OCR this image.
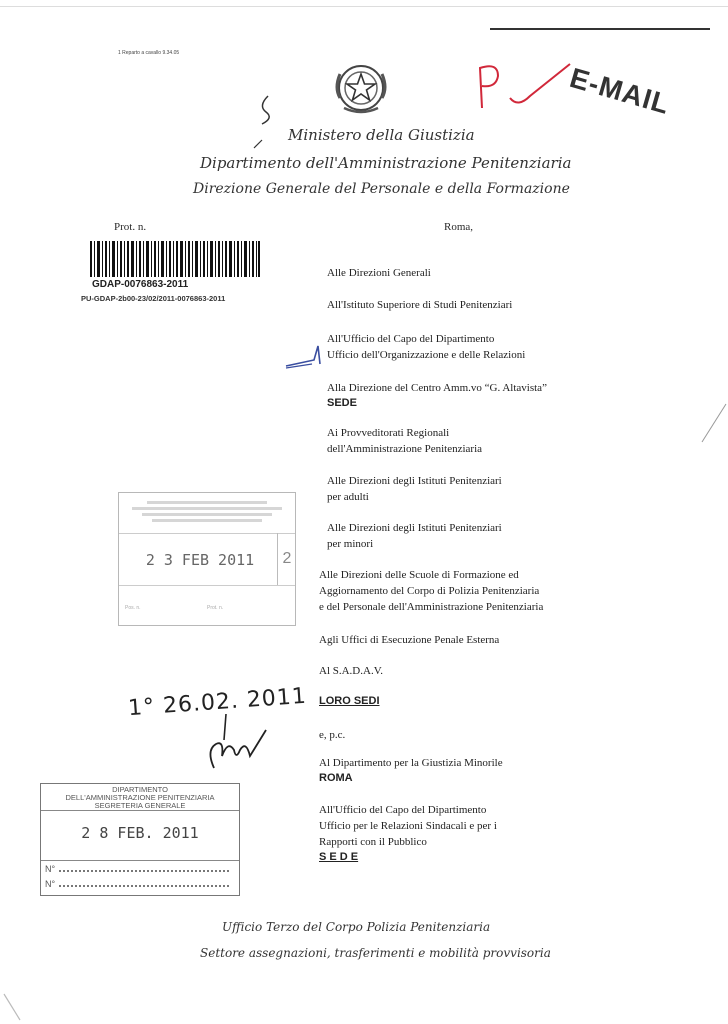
1 Reparto a cavallo 9.34.05
E-MAIL
Ministero della Giustizia
Dipartimento dell'Amministrazione Penitenziaria
Direzione Generale del Personale e della Formazione
Prot. n.	Roma,
GDAP-0076863-2011
PU-GDAP-2b00-23/02/2011-0076863-2011
Alle Direzioni Generali
All'Istituto Superiore di Studi Penitenziari
All'Ufficio del Capo del Dipartimento
Ufficio dell'Organizzazione e delle Relazioni
Alla Direzione del Centro Amm.vo “G. Altavista”
SEDE
Ai Provveditorati Regionali
dell'Amministrazione Penitenziaria
Alle Direzioni degli Istituti Penitenziari
per adulti
Alle Direzioni degli Istituti Penitenziari
per minori
Alle Direzioni delle Scuole di Formazione ed
Aggiornamento del Corpo di Polizia Penitenziaria
e del Personale dell'Amministrazione Penitenziaria
Agli Uffici di Esecuzione Penale Esterna
Al S.A.D.A.V.
LORO SEDI
e, p.c.
Al Dipartimento per la Giustizia Minorile
ROMA
All'Ufficio del Capo del Dipartimento
Ufficio per le Relazioni Sindacali e per i
Rapporti con il Pubblico
S E D E
2 3 FEB 2011	2
Pos. n.	Prot. n.
1° 26.02. 2011
DIPARTIMENTO
DELL'AMMINISTRAZIONE PENITENZIARIA
SEGRETERIA GENERALE
2 8 FEB. 2011
N°
N°
Ufficio Terzo del Corpo Polizia Penitenziaria
Settore assegnazioni, trasferimenti e mobilità provvisoria
